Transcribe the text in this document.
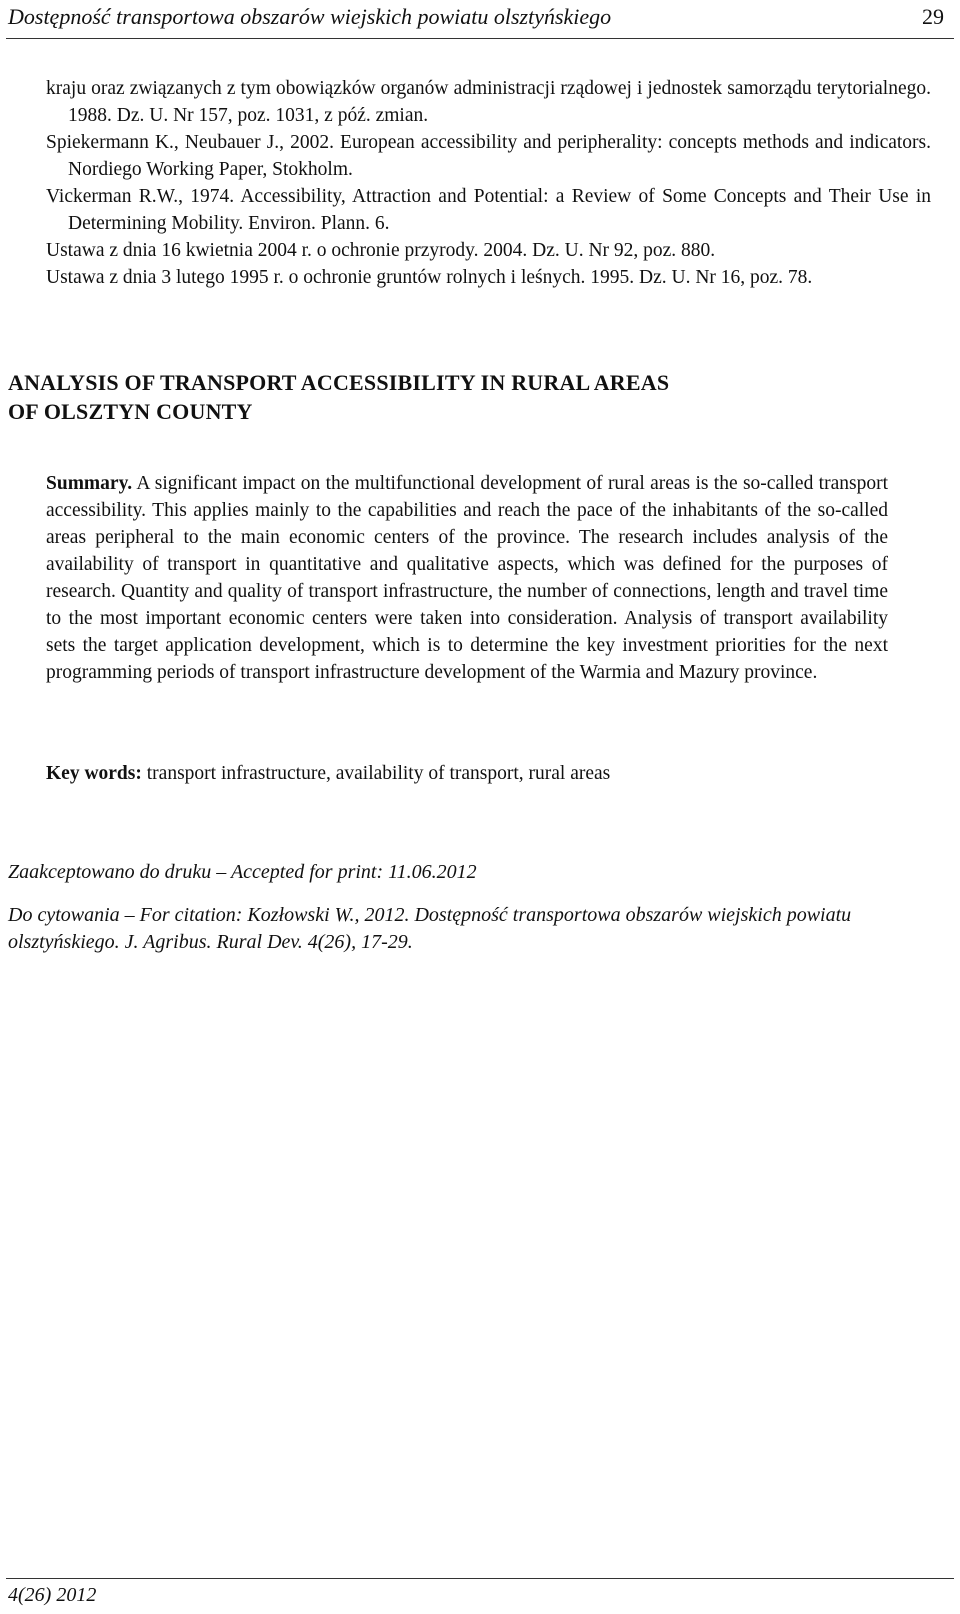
Dostępność transportowa obszarów wiejskich powiatu olsztyńskiego	29

kraju oraz związanych z tym obowiązków organów administracji rządowej i jednostek samorządu terytorialnego. 1988. Dz. U. Nr 157, poz. 1031, z póź. zmian.

Spiekermann K., Neubauer J., 2002. European accessibility and peripherality: concepts methods and indicators. Nordiego Working Paper, Stokholm.

Vickerman R.W., 1974. Accessibility, Attraction and Potential: a Review of Some Concepts and Their Use in Determining Mobility. Environ. Plann. 6.

Ustawa z dnia 16 kwietnia 2004 r. o ochronie przyrody. 2004. Dz. U. Nr 92, poz. 880.

Ustawa z dnia 3 lutego 1995 r. o ochronie gruntów rolnych i leśnych. 1995. Dz. U. Nr 16, poz. 78.

ANALYSIS OF TRANSPORT ACCESSIBILITY IN RURAL AREAS
OF OLSZTYN COUNTY

Summary. A significant impact on the multifunctional development of rural areas is the so-called transport accessibility. This applies mainly to the capabilities and reach the pace of the inhabitants of the so-called areas peripheral to the main economic centers of the province. The research includes analysis of the availability of transport in quantitative and qualitative aspects, which was defined for the purposes of research. Quantity and quality of transport infrastructure, the number of connections, length and travel time to the most important economic centers were taken into consideration. Analysis of transport availability sets the target application development, which is to determine the key investment priorities for the next programming periods of transport infrastructure development of the Warmia and Mazury province.

Key words: transport infrastructure, availability of transport, rural areas

Zaakceptowano do druku – Accepted for print: 11.06.2012

Do cytowania – For citation: Kozłowski W., 2012. Dostępność transportowa obszarów wiejskich powiatu olsztyńskiego. J. Agribus. Rural Dev. 4(26), 17-29.

4(26) 2012
